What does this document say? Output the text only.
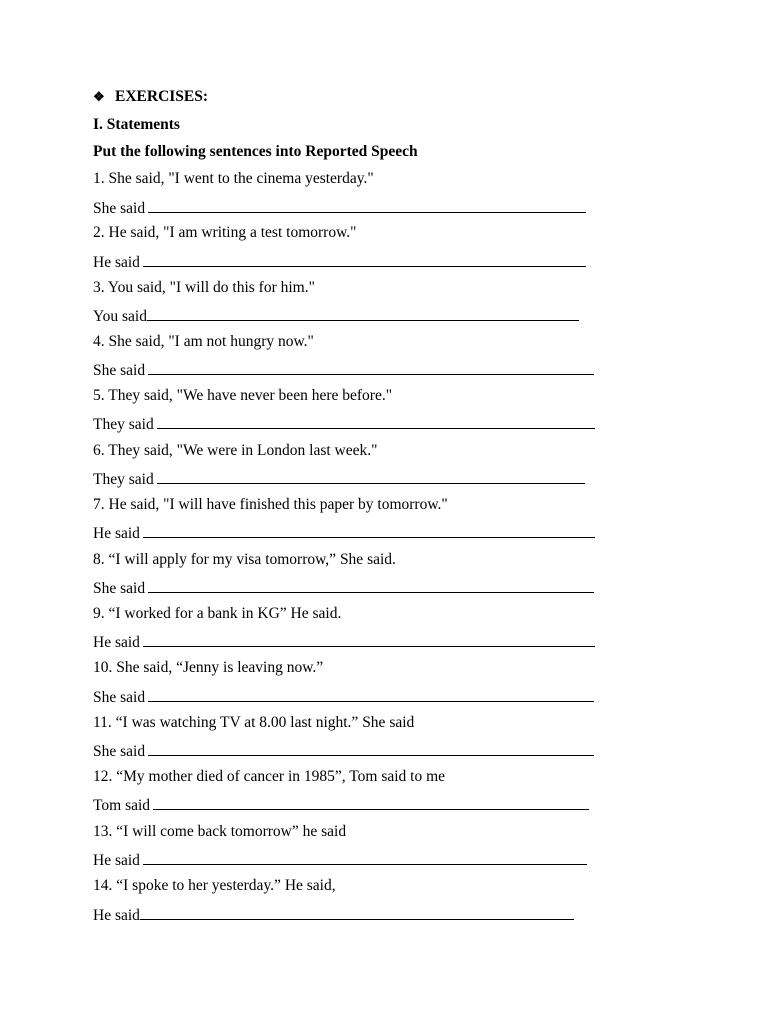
❖ EXERCISES:
I. Statements
Put the following sentences into Reported Speech
1. She said, "I went to the cinema yesterday."
She said
2. He said, "I am writing a test tomorrow."
He said
3. You said, "I will do this for him."
You said
4. She said, "I am not hungry now."
She said
5. They said, "We have never been here before."
They said
6. They said, "We were in London last week."
They said
7. He said, "I will have finished this paper by tomorrow."
He said
8. “I will apply for my visa tomorrow,” She said.
She said
9. “I worked for a bank in KG” He said.
He said
10. She said, “Jenny is leaving now.”
She said
11. “I was watching TV at 8.00 last night.” She said
She said
12. “My mother died of cancer in 1985”, Tom said to me
Tom said
13. “I will come back tomorrow” he said
He said
14. “I spoke to her yesterday.” He said,
He said
